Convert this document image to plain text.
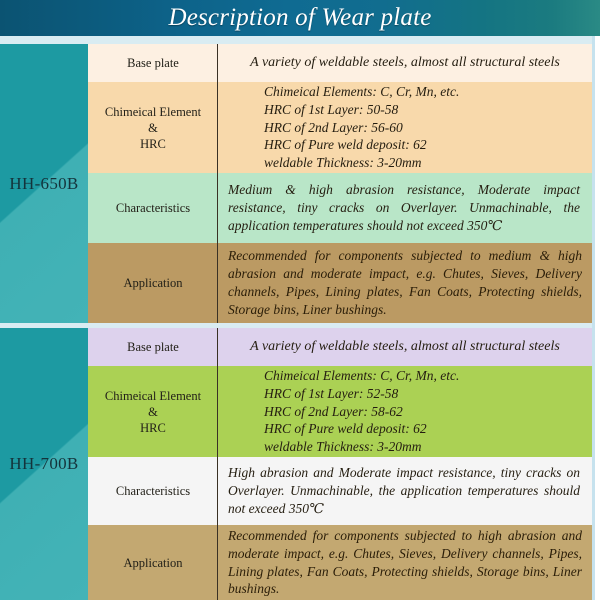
Description of Wear plate
HH-650B
Base plate	A variety of weldable steels, almost all structural steels
Chimeical Element
&
HRC
Chimeical Elements: C, Cr, Mn, etc.
HRC of 1st Layer: 50-58
HRC of 2nd Layer: 56-60
HRC of Pure weld deposit: 62
weldable Thickness: 3-20mm
Characteristics
Medium & high abrasion resistance, Moderate impact resistance, tiny cracks on Overlayer. Unmachinable, the application temperatures should not exceed 350℃
Application
Recommended for components subjected to medium & high abrasion and moderate impact, e.g. Chutes, Sieves, Delivery channels, Pipes, Lining plates, Fan Coats, Protecting shields, Storage bins, Liner bushings.
HH-700B
Base plate	A variety of weldable steels, almost all structural steels
Chimeical Element
&
HRC
Chimeical Elements: C, Cr, Mn, etc.
HRC of 1st Layer: 52-58
HRC of 2nd Layer: 58-62
HRC of Pure weld deposit: 62
weldable Thickness: 3-20mm
Characteristics
High abrasion and Moderate impact resistance, tiny cracks on Overlayer. Unmachinable, the application temperatures should not exceed 350℃
Application
Recommended for components subjected to high abrasion and moderate impact, e.g. Chutes, Sieves, Delivery channels, Pipes, Lining plates, Fan Coats, Protecting shields, Storage bins, Liner bushings.
